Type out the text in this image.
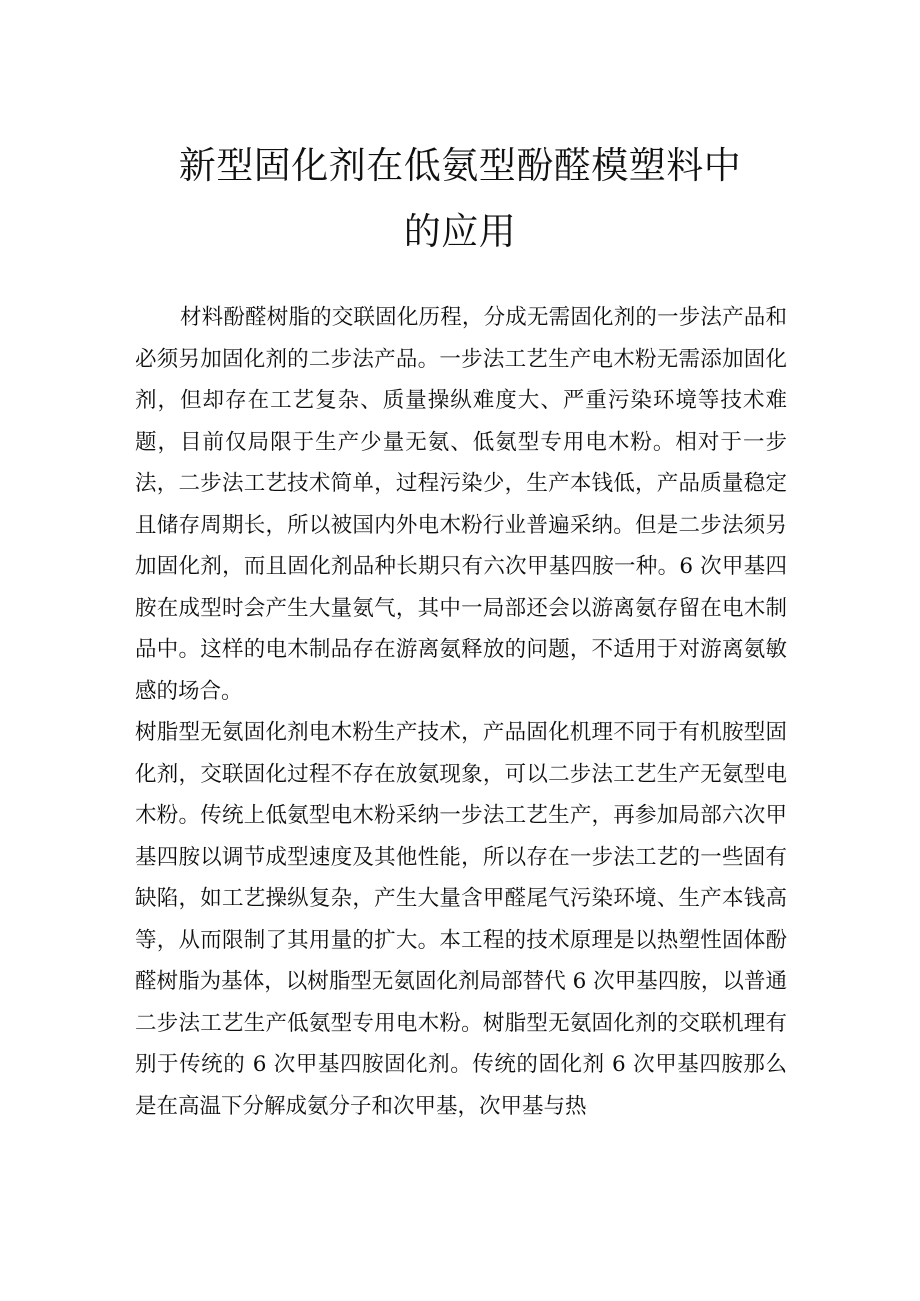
新型固化剂在低氨型酚醛模塑料中
的应用

材料酚醛树脂的交联固化历程，分成无需固化剂的一步法产品和必须另加固化剂的二步法产品。一步法工艺生产电木粉无需添加固化剂，但却存在工艺复杂、质量操纵难度大、严重污染环境等技术难题，目前仅局限于生产少量无氨、低氨型专用电木粉。相对于一步法，二步法工艺技术简单，过程污染少，生产本钱低，产品质量稳定且储存周期长，所以被国内外电木粉行业普遍采纳。但是二步法须另加固化剂，而且固化剂品种长期只有六次甲基四胺一种。6 次甲基四胺在成型时会产生大量氨气，其中一局部还会以游离氨存留在电木制品中。这样的电木制品存在游离氨释放的问题，不适用于对游离氨敏感的场合。

树脂型无氨固化剂电木粉生产技术，产品固化机理不同于有机胺型固化剂，交联固化过程不存在放氨现象，可以二步法工艺生产无氨型电木粉。传统上低氨型电木粉采纳一步法工艺生产，再参加局部六次甲基四胺以调节成型速度及其他性能，所以存在一步法工艺的一些固有缺陷，如工艺操纵复杂，产生大量含甲醛尾气污染环境、生产本钱高等，从而限制了其用量的扩大。本工程的技术原理是以热塑性固体酚醛树脂为基体，以树脂型无氨固化剂局部替代 6 次甲基四胺，以普通二步法工艺生产低氨型专用电木粉。树脂型无氨固化剂的交联机理有别于传统的 6 次甲基四胺固化剂。传统的固化剂 6 次甲基四胺那么是在高温下分解成氨分子和次甲基，次甲基与热
